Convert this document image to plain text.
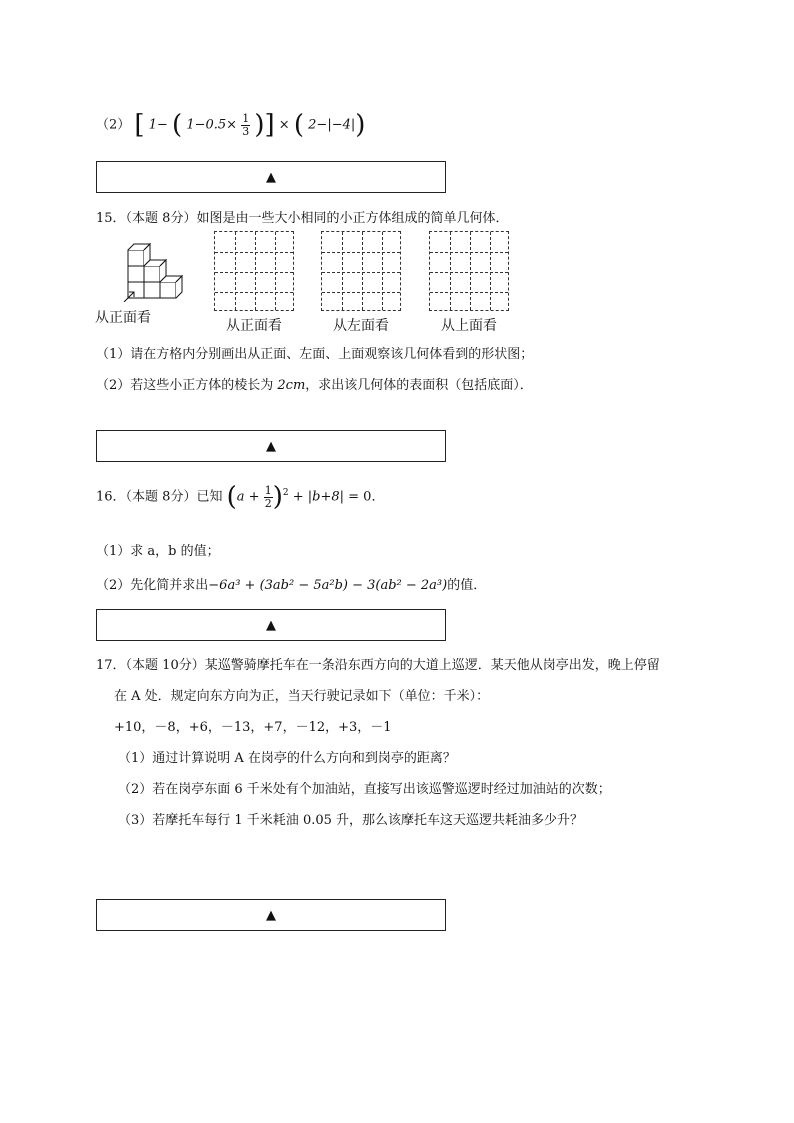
（2） [ 1− ( $1-0.5\times \frac{1}{3}$ )] × ( 2−|−4|)
▲
15．（本题 8分）如图是由一些大小相同的小正方体组成的简单几何体．
从正面看	从正面看	从左面看	从上面看
（1）请在方格内分别画出从正面、左面、上面观察该几何体看到的形状图；
（2）若这些小正方体的棱长为 2cm，求出该几何体的表面积（包括底面）．
▲
16．（本题 8分）已知 $(a + \frac{1}{2} )^2 + |b+8| = 0$．
（1）求 a，b 的值；
（2）先化简并求出−6a³ + (3ab² − 5a²b) − 3(ab² − 2a³)的值．
▲
17．（本题 10分）某巡警骑摩托车在一条沿东西方向的大道上巡逻．某天他从岗亭出发，晚上停留
在 A 处．规定向东方向为正，当天行驶记录如下（单位：千米）：
+10，－8，+6，－13，+7，－12，+3，－1
（1）通过计算说明 A 在岗亭的什么方向和到岗亭的距离？
（2）若在岗亭东面 6 千米处有个加油站，直接写出该巡警巡逻时经过加油站的次数；
（3）若摩托车每行 1 千米耗油 0.05 升，那么该摩托车这天巡逻共耗油多少升？
▲
